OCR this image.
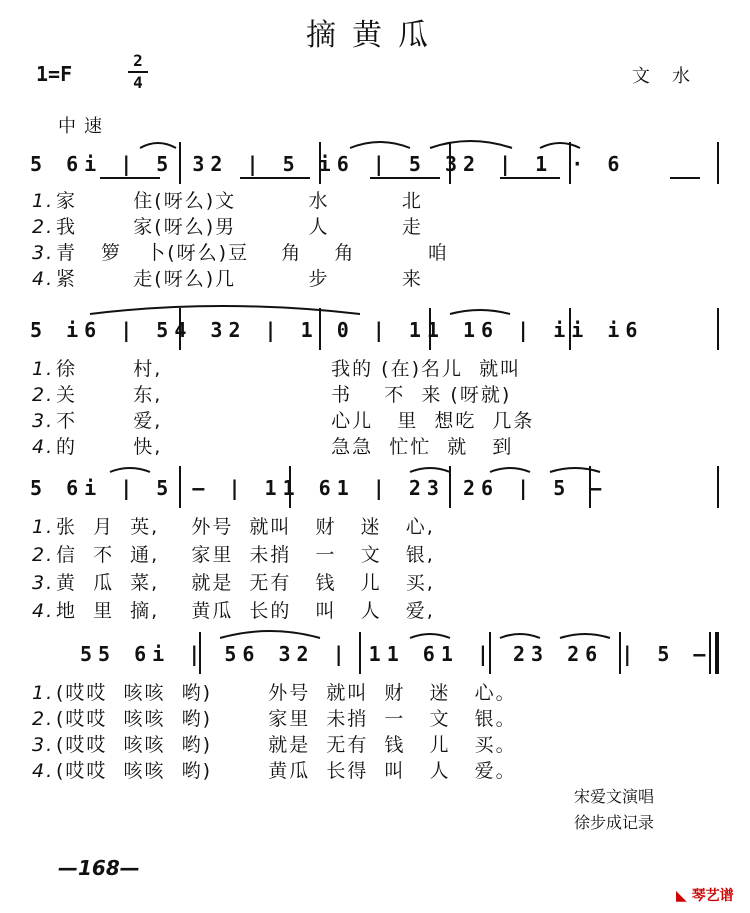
摘黄瓜
1=F
2
4	文水
中速
5 6i | 5 32 | 5 i6 | 5 32 | 1 · 6
1.家       住(呀么)文         水         北
2.我       家(呀么)男         人         走
3.青   箩   卜(呀么)豆    角    角         咱
4.紧       走(呀么)几         步         来
5 i6 | 54 32 | 1 0 | 11 16 | ii i6
1.徐       村,                     我的 (在)名儿  就叫
2.关       东,                     书    不  来 (呀就)
3.不       爱,                     心儿   里  想吃  几条
4.的       快,                     急急  忙忙  就   到
5 6i | 5 — | 11 61 | 23 26 | 5 —
1.张  月  英,    外号  就叫   财   迷   心,
2.信  不  通,    家里  未捎   一   文   银,
3.黄  瓜  菜,    就是  无有   钱   儿   买,
4.地  里  摘,    黄瓜  长的   叫   人   爱,
55 6i | 56 32 | 11 61 | 23 26 | 5 —
1.(哎哎  咳咳  哟)       外号  就叫  财   迷   心。
2.(哎哎  咳咳  哟)       家里  未捎  一   文   银。
3.(哎哎  咳咳  哟)       就是  无有  钱   儿   买。
4.(哎哎  咳咳  哟)       黄瓜  长得  叫   人   爱。
宋爱文演唱
徐步成记录
—168—
◣ 琴艺谱
